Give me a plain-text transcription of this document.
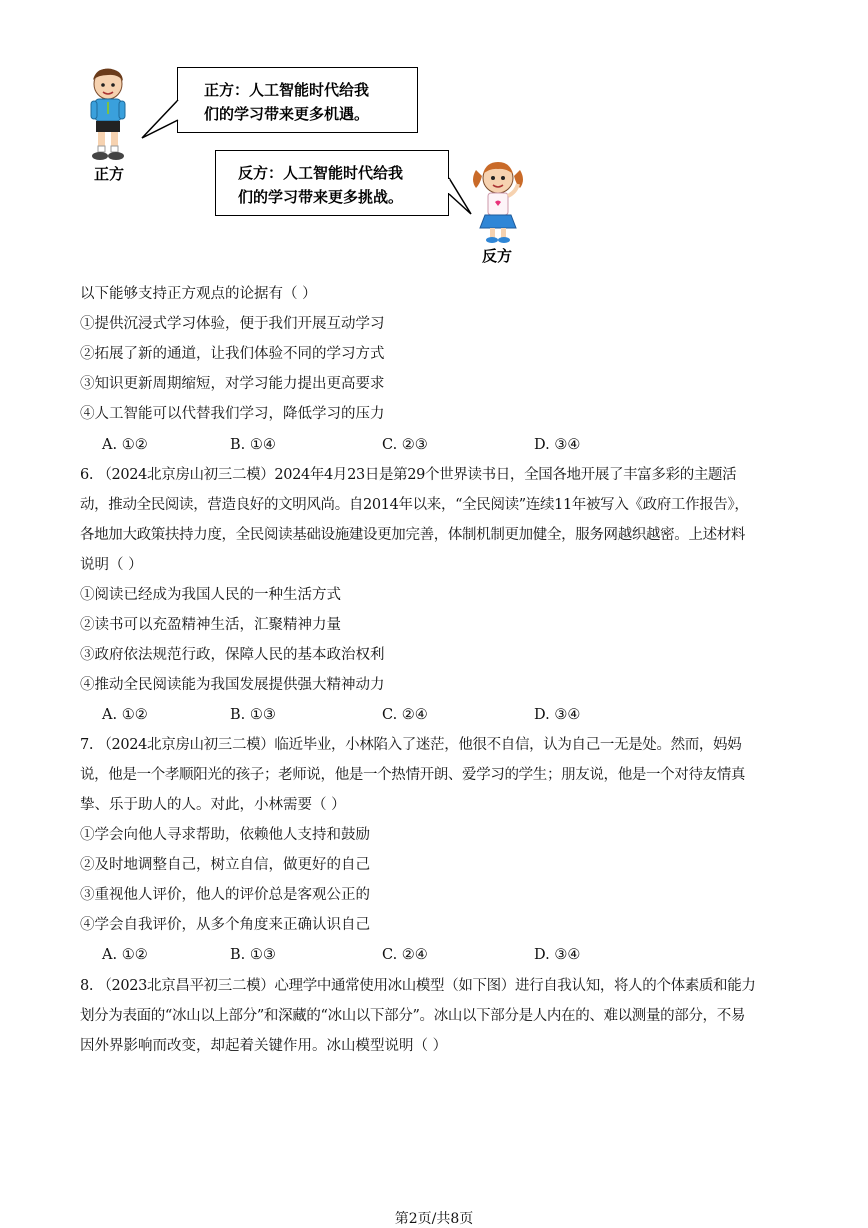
正方
正方：人工智能时代给我
们的学习带来更多机遇。
反方：人工智能时代给我
们的学习带来更多挑战。
反方
以下能够支持正方观点的论据有（ ）
①提供沉浸式学习体验，便于我们开展互动学习
②拓展了新的通道，让我们体验不同的学习方式
③知识更新周期缩短，对学习能力提出更高要求
④人工智能可以代替我们学习，降低学习的压力
A. ①②	B. ①④	C. ②③	D. ③④
6. （2024北京房山初三二模）2024年4月23日是第29个世界读书日，全国各地开展了丰富多彩的主题活
动，推动全民阅读，营造良好的文明风尚。自2014年以来，“全民阅读”连续11年被写入《政府工作报告》，
各地加大政策扶持力度，全民阅读基础设施建设更加完善，体制机制更加健全，服务网越织越密。上述材料
说明（ ）
①阅读已经成为我国人民的一种生活方式
②读书可以充盈精神生活，汇聚精神力量
③政府依法规范行政，保障人民的基本政治权利
④推动全民阅读能为我国发展提供强大精神动力
A. ①②	B. ①③	C. ②④	D. ③④
7. （2024北京房山初三二模）临近毕业，小林陷入了迷茫，他很不自信，认为自己一无是处。然而，妈妈
说，他是一个孝顺阳光的孩子；老师说，他是一个热情开朗、爱学习的学生；朋友说，他是一个对待友情真
挚、乐于助人的人。对此，小林需要（ ）
①学会向他人寻求帮助，依赖他人支持和鼓励
②及时地调整自己，树立自信，做更好的自己
③重视他人评价，他人的评价总是客观公正的
④学会自我评价，从多个角度来正确认识自己
A. ①②	B. ①③	C. ②④	D. ③④
8. （2023北京昌平初三二模）心理学中通常使用冰山模型（如下图）进行自我认知，将人的个体素质和能力
划分为表面的“冰山以上部分”和深藏的“冰山以下部分”。冰山以下部分是人内在的、难以测量的部分，不易
因外界影响而改变，却起着关键作用。冰山模型说明（ ）
第2页/共8页
